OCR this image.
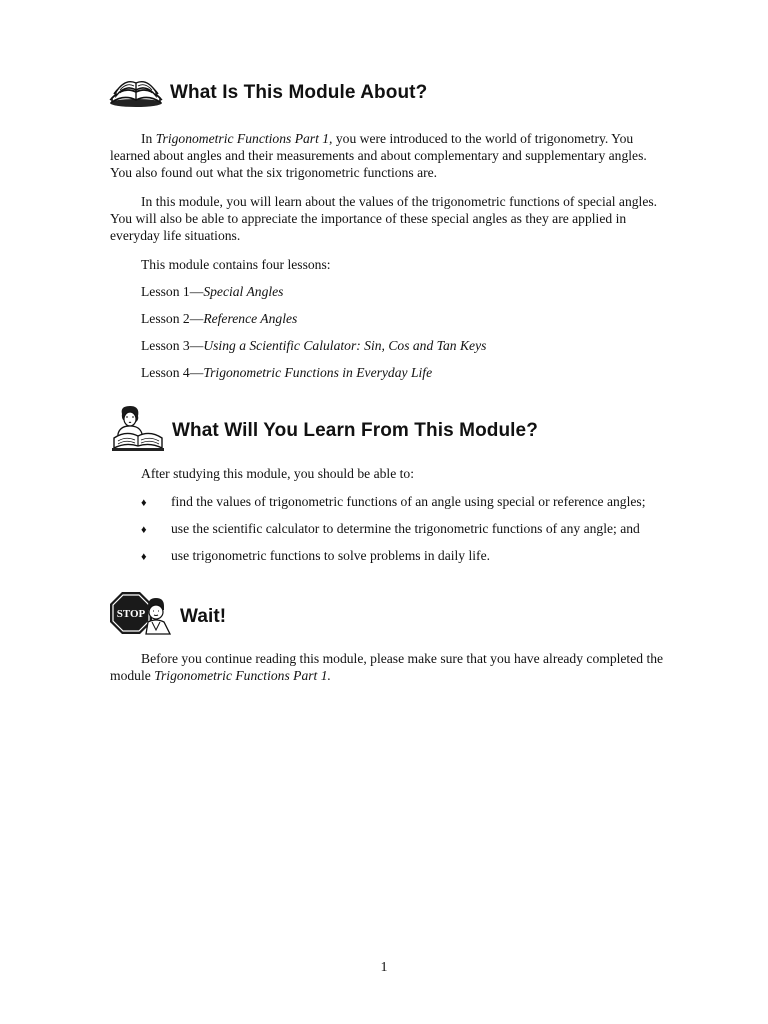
What Is This Module About?

In Trigonometric Functions Part 1, you were introduced to the world of trigonometry. You learned about angles and their measurements and about complementary and supplementary angles. You also found out what the six trigonometric functions are.

In this module, you will learn about the values of the trigonometric functions of special angles. You will also be able to appreciate the importance of these special angles as they are applied in everyday life situations.

This module contains four lessons:
Lesson 1—Special Angles
Lesson 2—Reference Angles
Lesson 3—Using a Scientific Calulator: Sin, Cos and Tan Keys
Lesson 4—Trigonometric Functions in Everyday Life
What Will You Learn From This Module?
After studying this module, you should be able to:
♦ find the values of trigonometric functions of an angle using special or reference angles;
♦ use the scientific calculator to determine the trigonometric functions of any angle; and
♦ use trigonometric functions to solve problems in daily life.
STOP Wait!

Before you continue reading this module, please make sure that you have already completed the module Trigonometric Functions Part 1.

1
